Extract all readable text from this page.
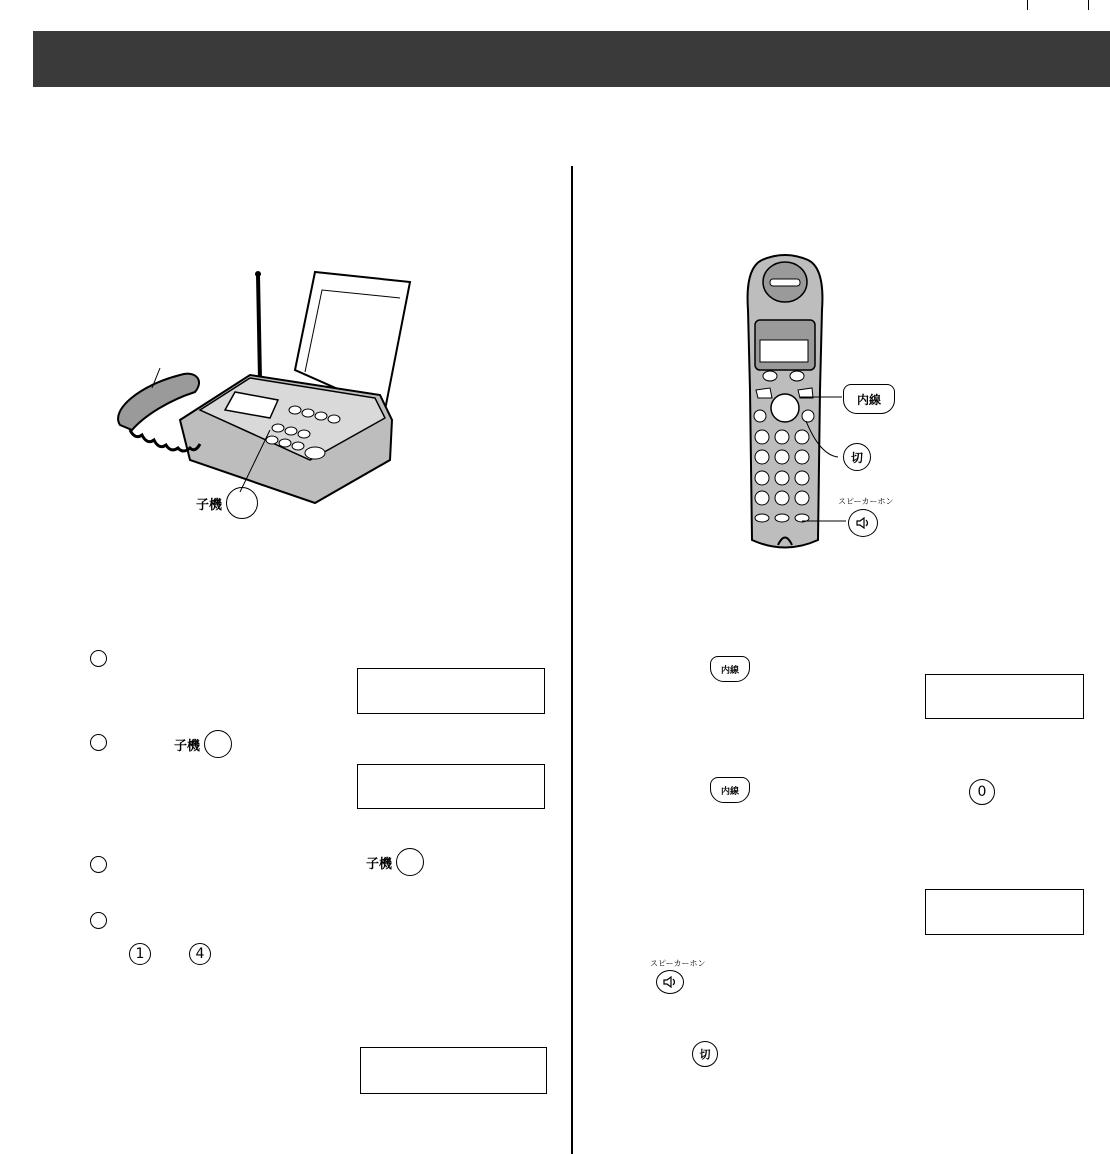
子機
子機
子機
1	4
内線
切
スピーカーホン
内線
内線	0
スピーカーホン
切
